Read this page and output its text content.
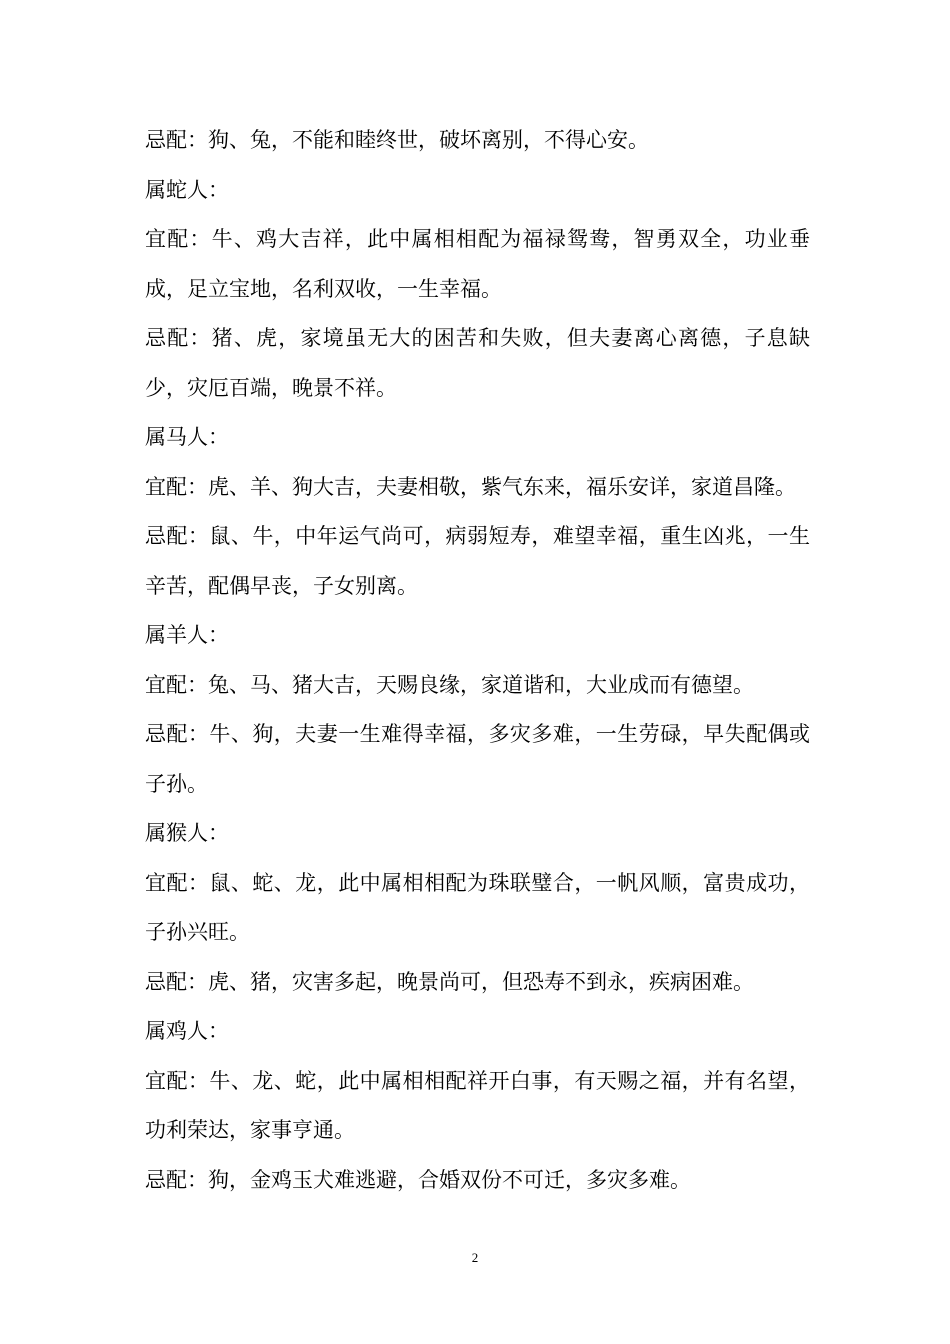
忌配：狗、兔，不能和睦终世，破坏离别，不得心安。

属蛇人：

宜配：牛、鸡大吉祥，此中属相相配为福禄鸳鸯，智勇双全，功业垂成，足立宝地，名利双收，一生幸福。

忌配：猪、虎，家境虽无大的困苦和失败，但夫妻离心离德，子息缺少，灾厄百端，晚景不祥。

属马人：

宜配：虎、羊、狗大吉，夫妻相敬，紫气东来，福乐安详，家道昌隆。

忌配：鼠、牛，中年运气尚可，病弱短寿，难望幸福，重生凶兆，一生辛苦，配偶早丧，子女别离。

属羊人：

宜配：兔、马、猪大吉，天赐良缘，家道谐和，大业成而有德望。

忌配：牛、狗，夫妻一生难得幸福，多灾多难，一生劳碌，早失配偶或子孙。

属猴人：

宜配：鼠、蛇、龙，此中属相相配为珠联璧合，一帆风顺，富贵成功，子孙兴旺。

忌配：虎、猪，灾害多起，晚景尚可，但恐寿不到永，疾病困难。

属鸡人：

宜配：牛、龙、蛇，此中属相相配祥开白事，有天赐之福，并有名望，功利荣达，家事亨通。

忌配：狗，金鸡玉犬难逃避，合婚双份不可迁，多灾多难。

2
